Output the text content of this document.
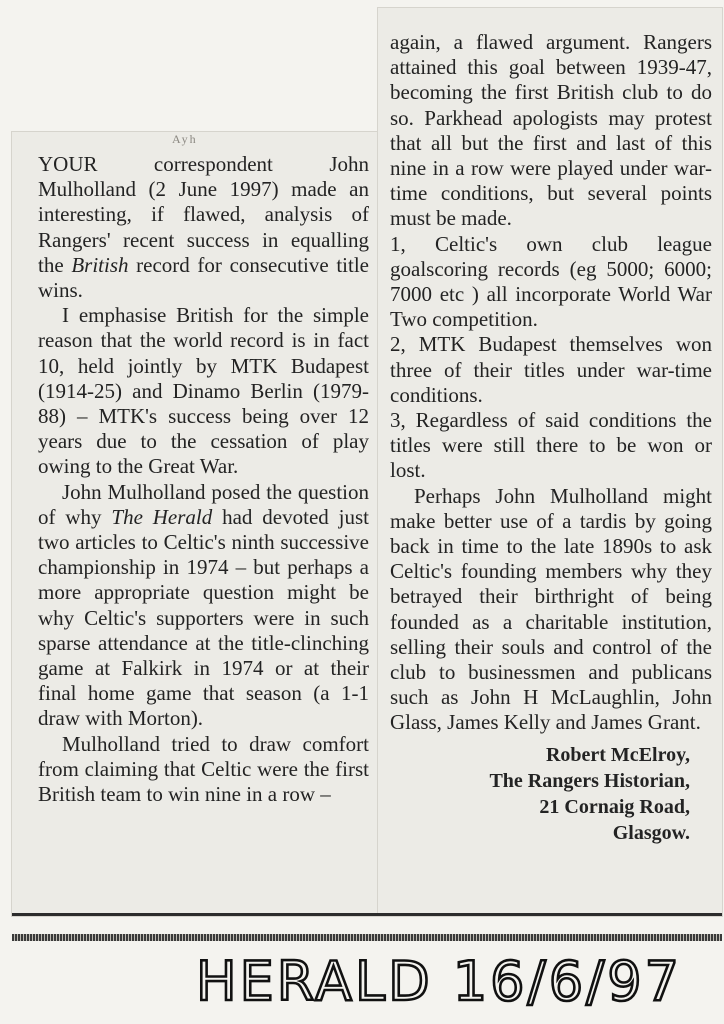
Ayh

YOUR correspondent John Mulholland (2 June 1997) made an interesting, if flawed, analysis of Rangers' recent success in equalling the British record for consecutive title wins.

I emphasise British for the simple reason that the world record is in fact 10, held jointly by MTK Budapest (1914-25) and Dinamo Berlin (1979-88) – MTK's success being over 12 years due to the cessation of play owing to the Great War.

John Mulholland posed the question of why The Herald had devoted just two articles to Celtic's ninth successive championship in 1974 – but perhaps a more appropriate question might be why Celtic's supporters were in such sparse attendance at the title-clinching game at Falkirk in 1974 or at their final home game that season (a 1-1 draw with Morton).

Mulholland tried to draw comfort from claiming that Celtic were the first British team to win nine in a row –

again, a flawed argument. Rangers attained this goal between 1939-47, becoming the first British club to do so. Parkhead apologists may protest that all but the first and last of this nine in a row were played under war-time conditions, but several points must be made.

1, Celtic's own club league goalscoring records (eg 5000; 6000; 7000 etc ) all incorporate World War Two competition.

2, MTK Budapest themselves won three of their titles under war-time conditions.

3, Regardless of said conditions the titles were still there to be won or lost.

Perhaps John Mulholland might make better use of a tardis by going back in time to the late 1890s to ask Celtic's founding members why they betrayed their birthright of being founded as a charitable institution, selling their souls and control of the club to businessmen and publicans such as John H McLaughlin, John Glass, James Kelly and James Grant.

Robert McElroy,

The Rangers Historian,

21 Cornaig Road,

Glasgow.

HERALD 16/6/97
